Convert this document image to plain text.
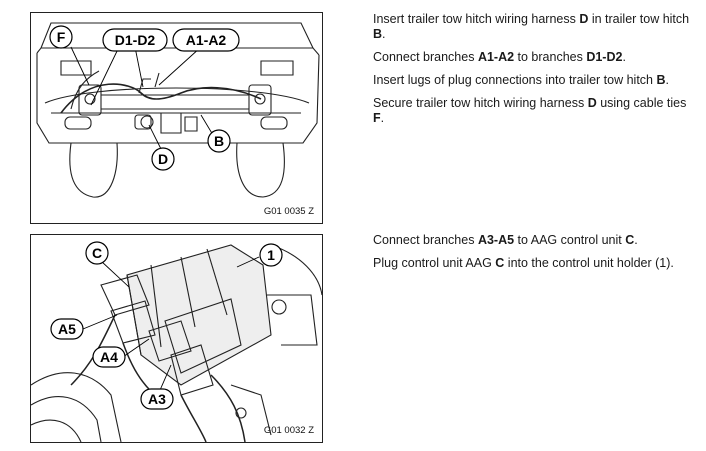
F	D1-D2 A1-A2
D
B
G01 0035 Z
C	1
A5
A4
A3
G01 0032 Z
Insert trailer tow hitch wiring harness D in trailer tow hitch B.
Connect branches A1-A2 to branches D1-D2.
Insert lugs of plug connections into trailer tow hitch B.
Secure trailer tow hitch wiring harness D using cable ties F.
Connect branches A3-A5 to AAG control unit C.
Plug control unit AAG C into the control unit holder (1).
